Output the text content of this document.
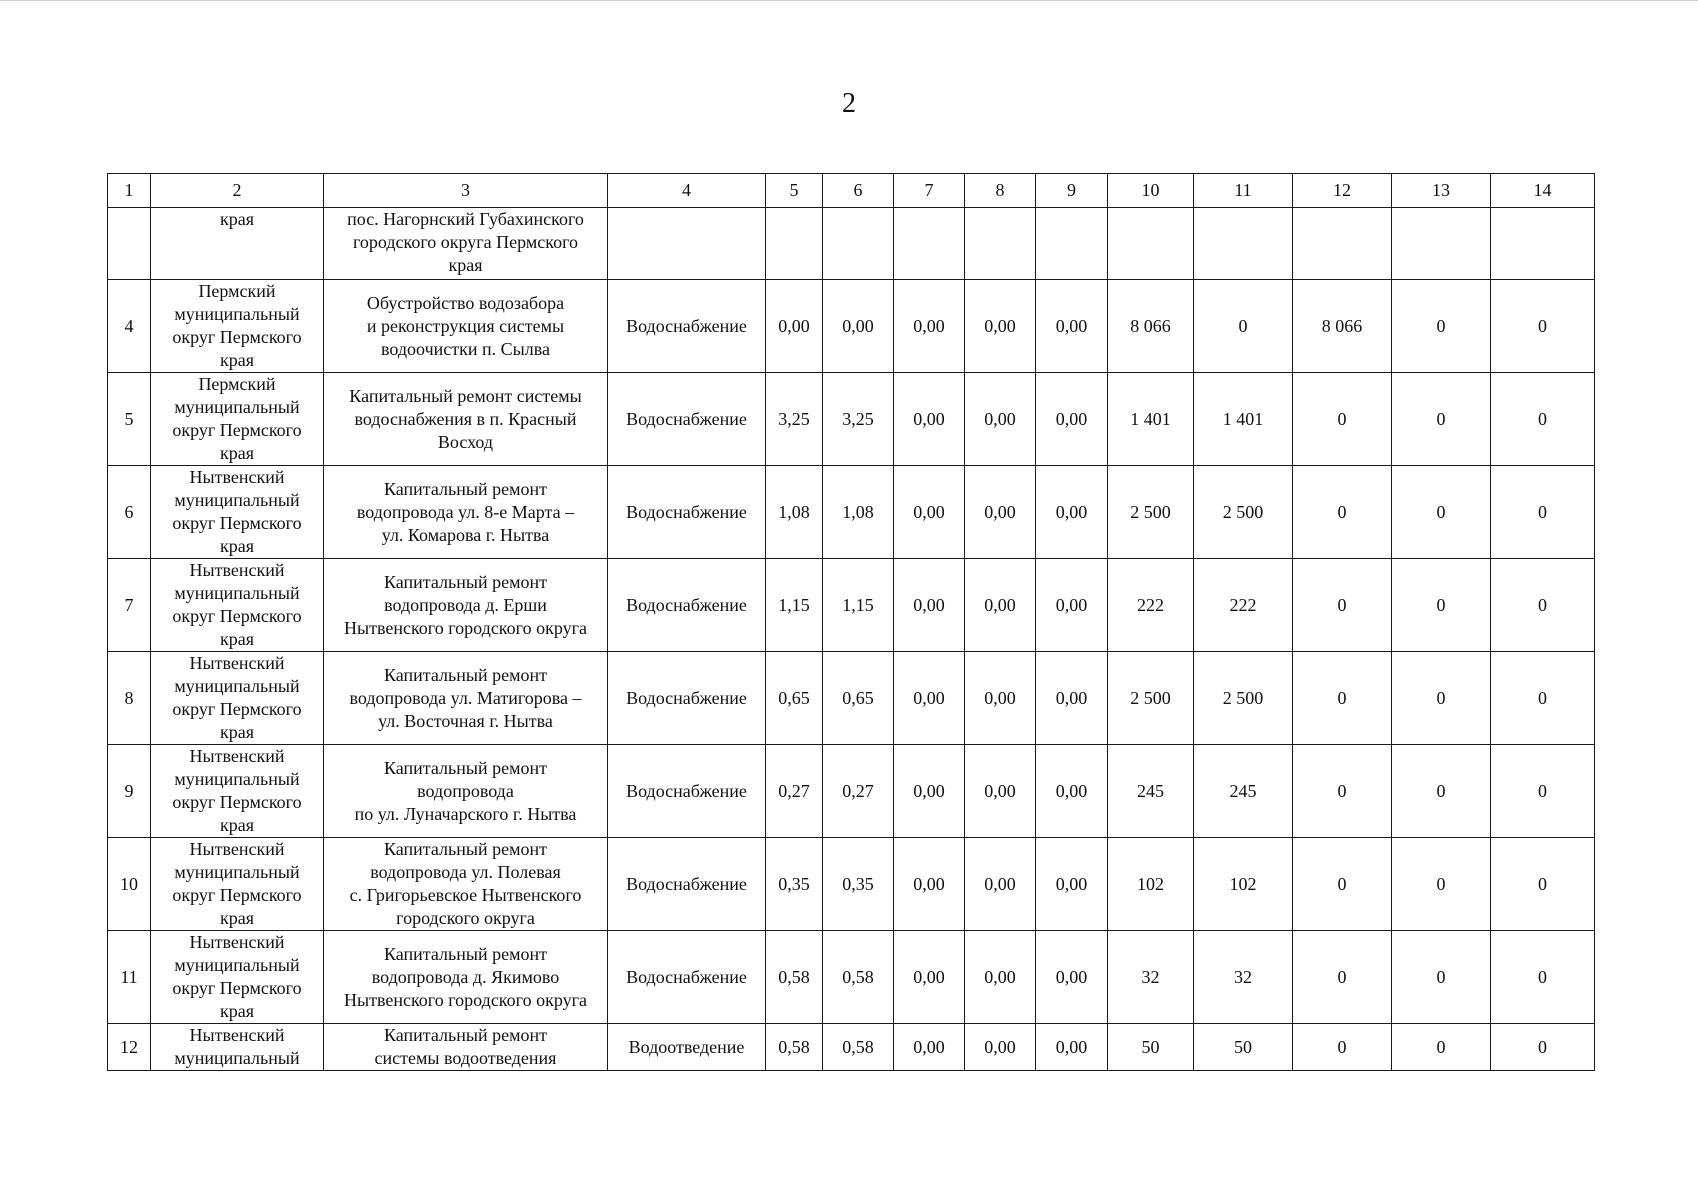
2
1	2	3	4	5	6	7	8	9	10	11	12	13	14

	края	пос. Нагорнский Губахинского
городского округа Пермского
края											

4	Пермский
муниципальный
округ Пермского
края	Обустройство водозабора
и реконструкция системы
водоочистки п. Сылва	Водоснабжение	0,00	0,00	0,00	0,00	0,00	8 066	0	8 066	0	0
5	Пермский
муниципальный
округ Пермского
края	Капитальный ремонт системы
водоснабжения в п. Красный
Восход	Водоснабжение	3,25	3,25	0,00	0,00	0,00	1 401	1 401	0	0	0
6	Нытвенский
муниципальный
округ Пермского
края	Капитальный ремонт
водопровода ул. 8-е Марта –
ул. Комарова г. Нытва	Водоснабжение	1,08	1,08	0,00	0,00	0,00	2 500	2 500	0	0	0
7	Нытвенский
муниципальный
округ Пермского
края	Капитальный ремонт
водопровода д. Ерши
Нытвенского городского округа	Водоснабжение	1,15	1,15	0,00	0,00	0,00	222	222	0	0	0
8	Нытвенский
муниципальный
округ Пермского
края	Капитальный ремонт
водопровода ул. Матигорова –
ул. Восточная г. Нытва	Водоснабжение	0,65	0,65	0,00	0,00	0,00	2 500	2 500	0	0	0
9	Нытвенский
муниципальный
округ Пермского
края	Капитальный ремонт
водопровода
по ул. Луначарского г. Нытва	Водоснабжение	0,27	0,27	0,00	0,00	0,00	245	245	0	0	0
10	Нытвенский
муниципальный
округ Пермского
края	Капитальный ремонт
водопровода ул. Полевая
с. Григорьевское Нытвенского
городского округа	Водоснабжение	0,35	0,35	0,00	0,00	0,00	102	102	0	0	0
11	Нытвенский
муниципальный
округ Пермского
края	Капитальный ремонт
водопровода д. Якимово
Нытвенского городского округа	Водоснабжение	0,58	0,58	0,00	0,00	0,00	32	32	0	0	0
12	Нытвенский
муниципальный	Капитальный ремонт
системы водоотведения	Водоотведение	0,58	0,58	0,00	0,00	0,00	50	50	0	0	0
